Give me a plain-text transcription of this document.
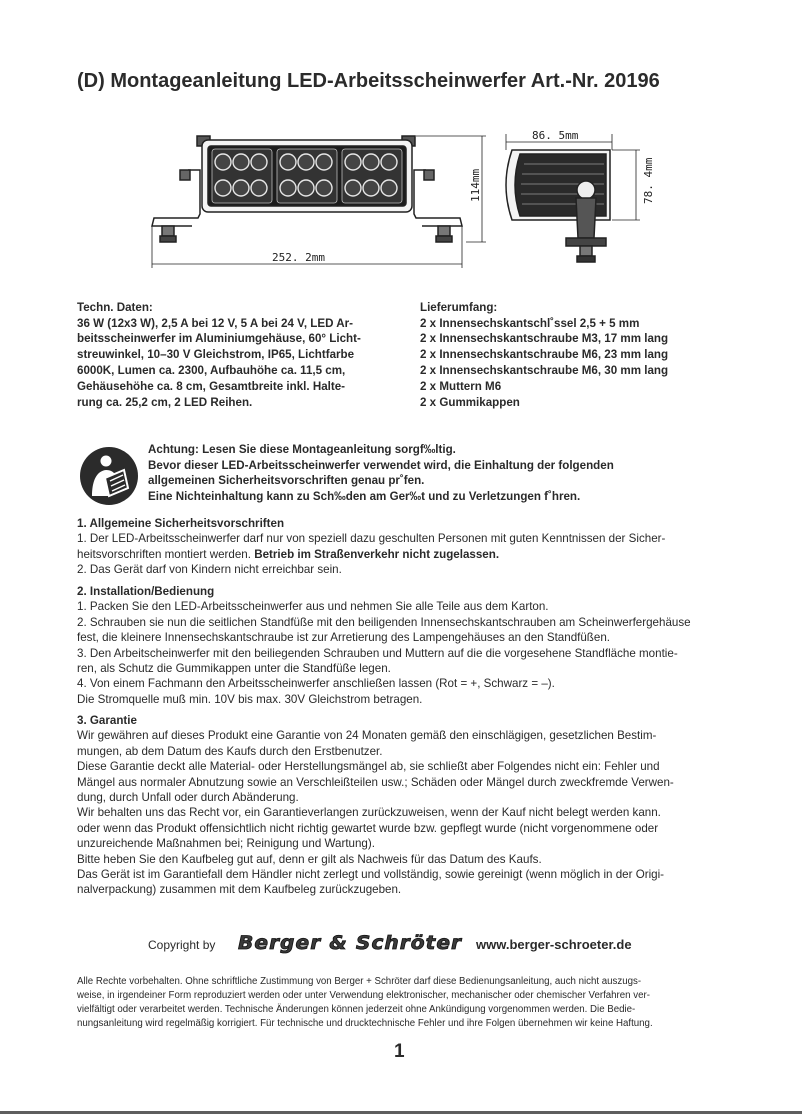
(D) Montageanleitung LED-Arbeitsscheinwerfer Art.-Nr. 20196
252. 2mm
114mm
86. 5mm
78. 4mm
Techn. Daten:
36 W (12x3 W), 2,5 A bei 12 V, 5 A bei 24 V, LED Ar-
beitsscheinwerfer im Aluminiumgehäuse, 60° Licht-
streuwinkel, 10–30 V Gleichstrom, IP65, Lichtfarbe
6000K, Lumen ca. 2300, Aufbauhöhe ca. 11,5 cm,
Gehäusehöhe ca. 8 cm, Gesamtbreite inkl. Halte-
rung ca. 25,2 cm, 2 LED Reihen.
Lieferumfang:
2 x Innensechskantschl˚ssel 2,5 + 5 mm
2 x Innensechskantschraube M3, 17 mm lang
2 x Innensechskantschraube M6, 23 mm lang
2 x Innensechskantschraube M6, 30 mm lang
2 x Muttern M6
2 x Gummikappen
Achtung: Lesen Sie diese Montageanleitung sorgf‰ltig.
Bevor dieser LED-Arbeitsscheinwerfer verwendet wird, die Einhaltung der folgenden
allgemeinen Sicherheitsvorschriften genau pr˚fen.
Eine Nichteinhaltung kann zu Sch‰den am Ger‰t und zu Verletzungen f˚hren.
1. Allgemeine Sicherheitsvorschriften
1. Der LED-Arbeitsscheinwerfer darf nur von speziell dazu geschulten Personen mit guten Kenntnissen der Sicher-
heitsvorschriften montiert werden. Betrieb im Straßenverkehr nicht zugelassen.
2. Das Gerät darf von Kindern nicht erreichbar sein.
2. Installation/Bedienung
1. Packen Sie den LED-Arbeitsscheinwerfer aus und nehmen Sie alle Teile aus dem Karton.
2. Schrauben sie nun die seitlichen Standfüße mit den beiligenden Innensechskantschrauben am Scheinwerfergehäuse
fest, die kleinere Innensechskantschraube ist zur Arretierung des Lampengehäuses an den Standfüßen.
3. Den Arbeitscheinwerfer mit den beiliegenden Schrauben und Muttern auf die die vorgesehene Standfläche montie-
ren, als Schutz die Gummikappen unter die Standfüße legen.
4. Von einem Fachmann den Arbeitsscheinwerfer anschließen lassen (Rot = +, Schwarz = –).
Die Stromquelle muß min. 10V bis max. 30V Gleichstrom betragen.
3. Garantie
Wir gewähren auf dieses Produkt eine Garantie von 24 Monaten gemäß den einschlägigen, gesetzlichen Bestim-
mungen, ab dem Datum des Kaufs durch den Erstbenutzer.
Diese Garantie deckt alle Material- oder Herstellungsmängel ab, sie schließt aber Folgendes nicht ein: Fehler und
Mängel aus normaler Abnutzung sowie an Verschleißteilen usw.; Schäden oder Mängel durch zweckfremde Verwen-
dung, durch Unfall oder durch Abänderung.
Wir behalten uns das Recht vor, ein Garantieverlangen zurückzuweisen, wenn der Kauf nicht belegt werden kann.
oder wenn das Produkt offensichtlich nicht richtig gewartet wurde bzw. gepflegt wurde (nicht vorgenommene oder
unzureichende Maßnahmen bei; Reinigung und Wartung).
Bitte heben Sie den Kaufbeleg gut auf, denn er gilt als Nachweis für das Datum des Kaufs.
Das Gerät ist im Garantiefall dem Händler nicht zerlegt und vollständig, sowie gereinigt (wenn möglich in der Origi-
nalverpackung) zusammen mit dem Kaufbeleg zurückzugeben.
Copyright by Berger & Schröter www.berger-schroeter.de
Alle Rechte vorbehalten. Ohne schriftliche Zustimmung von Berger + Schröter darf diese Bedienungsanleitung, auch nicht auszugs-
weise, in irgendeiner Form reproduziert werden oder unter Verwendung elektronischer, mechanischer oder chemischer Verfahren ver-
vielfältigt oder verarbeitet werden. Technische Änderungen können jederzeit ohne Ankündigung vorgenommen werden. Die Bedie-
nungsanleitung wird regelmäßig korrigiert. Für technische und drucktechnische Fehler und ihre Folgen übernehmen wir keine Haftung.
1
